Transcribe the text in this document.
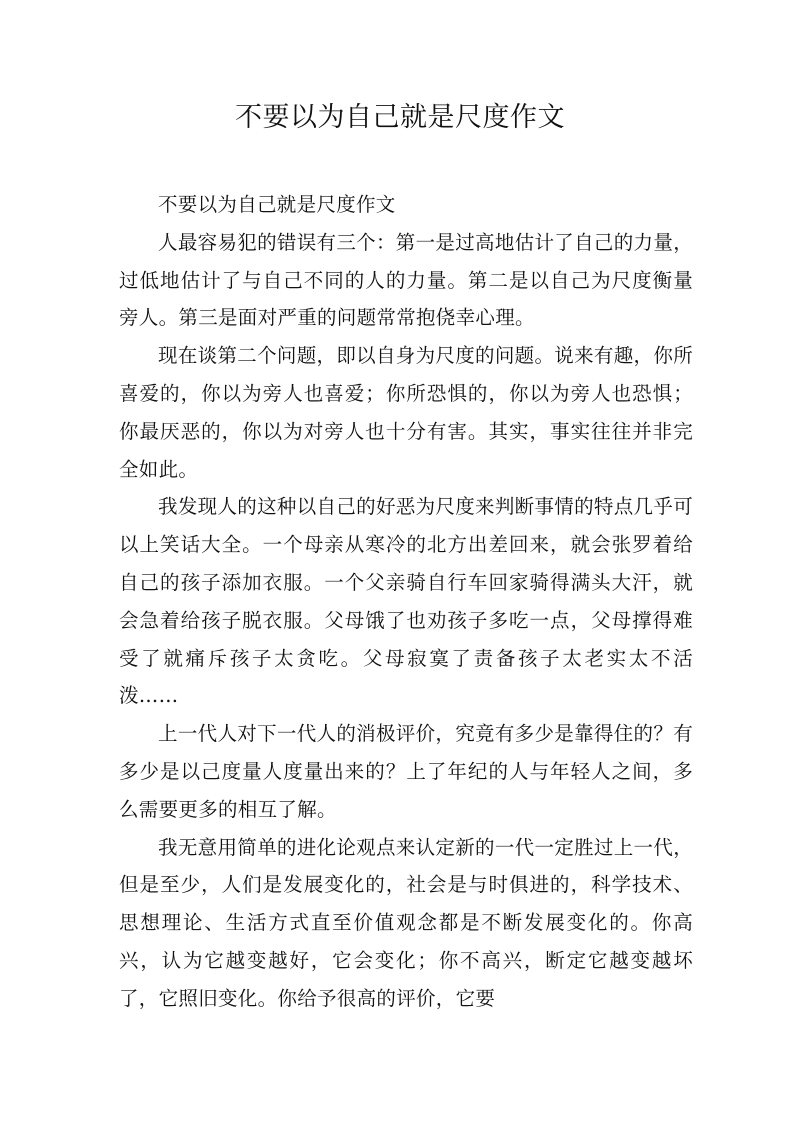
不要以为自己就是尺度作文

不要以为自己就是尺度作文

人最容易犯的错误有三个：第一是过高地估计了自己的力量，过低地估计了与自己不同的人的力量。第二是以自己为尺度衡量旁人。第三是面对严重的问题常常抱侥幸心理。

现在谈第二个问题，即以自身为尺度的问题。说来有趣，你所喜爱的，你以为旁人也喜爱；你所恐惧的，你以为旁人也恐惧；你最厌恶的，你以为对旁人也十分有害。其实，事实往往并非完全如此。

我发现人的这种以自己的好恶为尺度来判断事情的特点几乎可以上笑话大全。一个母亲从寒冷的北方出差回来，就会张罗着给自己的孩子添加衣服。一个父亲骑自行车回家骑得满头大汗，就会急着给孩子脱衣服。父母饿了也劝孩子多吃一点，父母撑得难受了就痛斥孩子太贪吃。父母寂寞了责备孩子太老实太不活泼……

上一代人对下一代人的消极评价，究竟有多少是靠得住的？有多少是以己度量人度量出来的？上了年纪的人与年轻人之间，多么需要更多的相互了解。

我无意用简单的进化论观点来认定新的一代一定胜过上一代，但是至少，人们是发展变化的，社会是与时俱进的，科学技术、思想理论、生活方式直至价值观念都是不断发展变化的。你高兴，认为它越变越好，它会变化；你不高兴，断定它越变越坏了，它照旧变化。你给予很高的评价，它要
